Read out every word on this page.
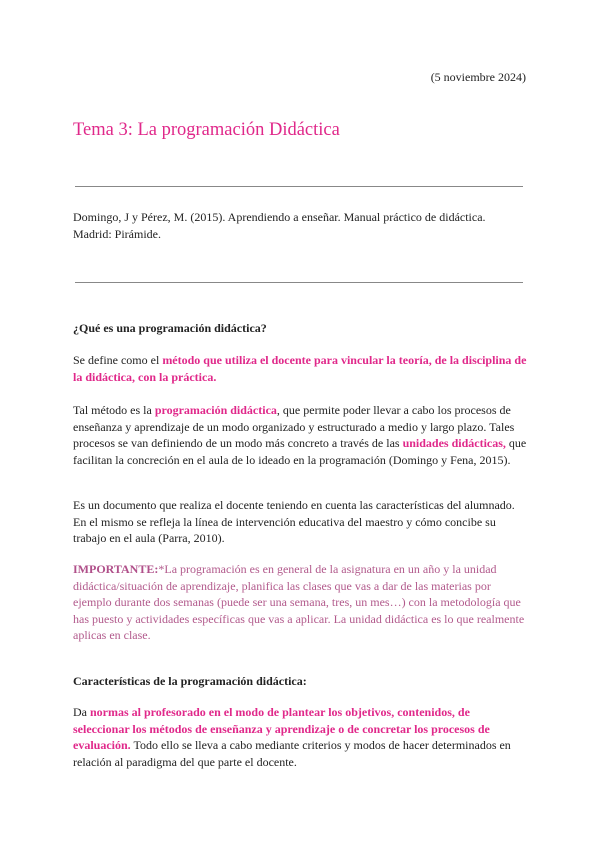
(5 noviembre 2024)
Tema 3: La programación Didáctica
Domingo, J y Pérez, M. (2015). Aprendiendo a enseñar. Manual práctico de didáctica.
Madrid: Pirámide.
¿Qué es una programación didáctica?
Se define como el método que utiliza el docente para vincular la teoría, de la disciplina de la didáctica, con la práctica.
Tal método es la programación didáctica, que permite poder llevar a cabo los procesos de enseñanza y aprendizaje de un modo organizado y estructurado a medio y largo plazo. Tales procesos se van definiendo de un modo más concreto a través de las unidades didácticas, que facilitan la concreción en el aula de lo ideado en la programación (Domingo y Fena, 2015).
Es un documento que realiza el docente teniendo en cuenta las características del alumnado. En el mismo se refleja la línea de intervención educativa del maestro y cómo concibe su trabajo en el aula (Parra, 2010).
IMPORTANTE:*La programación es en general de la asignatura en un año y la unidad didáctica/situación de aprendizaje, planifica las clases que vas a dar de las materias por ejemplo durante dos semanas (puede ser una semana, tres, un mes…) con la metodología que has puesto y actividades específicas que vas a aplicar. La unidad didáctica es lo que realmente aplicas en clase.
Características de la programación didáctica:
Da normas al profesorado en el modo de plantear los objetivos, contenidos, de seleccionar los métodos de enseñanza y aprendizaje o de concretar los procesos de evaluación. Todo ello se lleva a cabo mediante criterios y modos de hacer determinados en relación al paradigma del que parte el docente.
